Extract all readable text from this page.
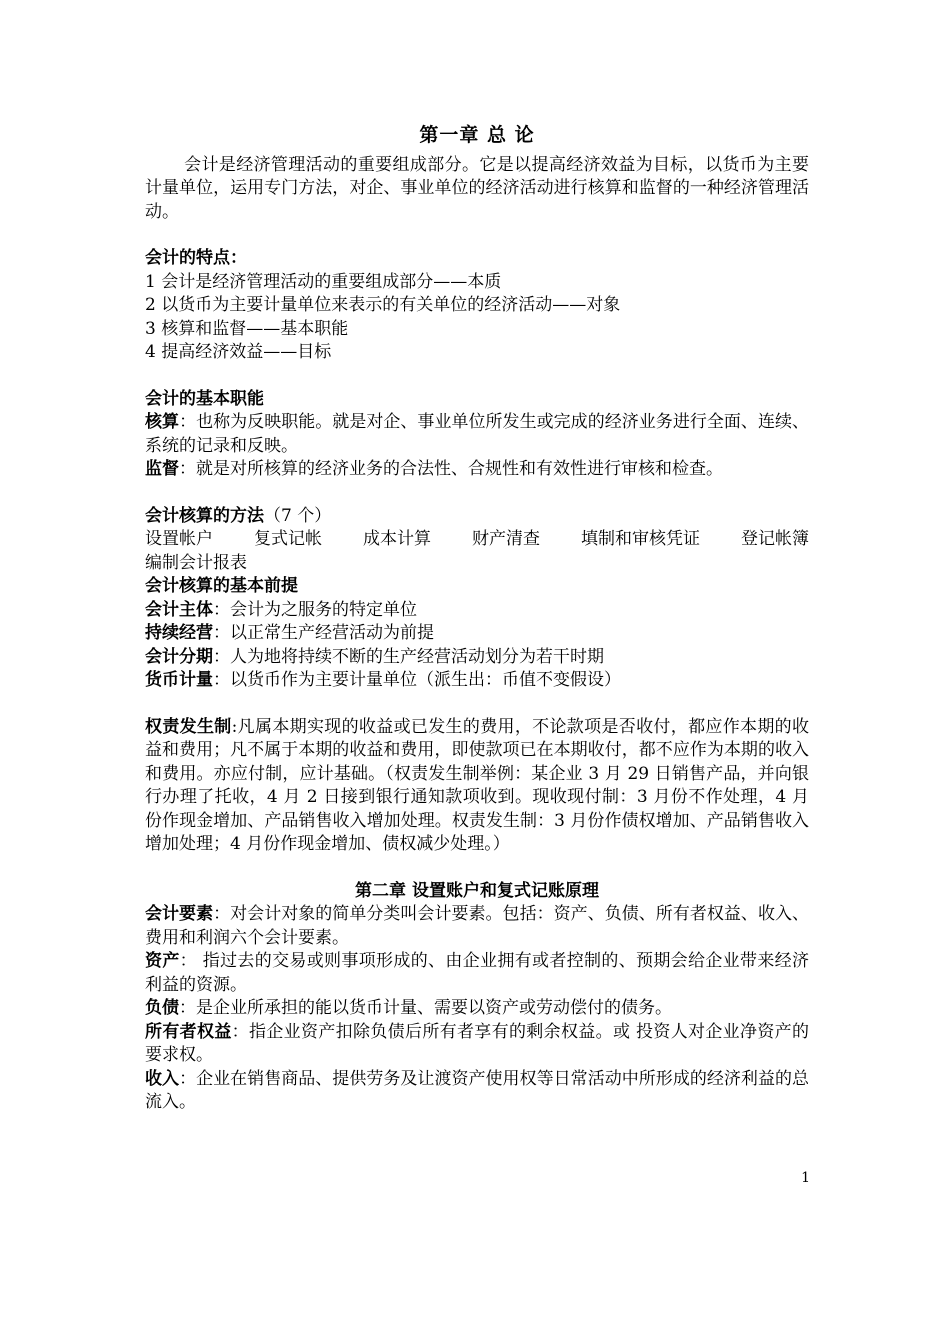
第一章 总 论

会计是经济管理活动的重要组成部分。它是以提高经济效益为目标，以货币为主要计量单位，运用专门方法，对企、事业单位的经济活动进行核算和监督的一种经济管理活动。

会计的特点：

1 会计是经济管理活动的重要组成部分——本质

2 以货币为主要计量单位来表示的有关单位的经济活动——对象

3 核算和监督——基本职能

4 提高经济效益——目标

会计的基本职能

核算：也称为反映职能。就是对企、事业单位所发生或完成的经济业务进行全面、连续、系统的记录和反映。

监督：就是对所核算的经济业务的合法性、合规性和有效性进行审核和检查。

会计核算的方法（7 个）

设置帐户 复式记帐 成本计算 财产清查 填制和审核凭证 登记帐簿

编制会计报表

会计核算的基本前提

会计主体：会计为之服务的特定单位

持续经营：以正常生产经营活动为前提

会计分期：人为地将持续不断的生产经营活动划分为若干时期

货币计量：以货币作为主要计量单位（派生出：币值不变假设）

权责发生制:凡属本期实现的收益或已发生的费用，不论款项是否收付，都应作本期的收益和费用；凡不属于本期的收益和费用，即使款项已在本期收付，都不应作为本期的收入和费用。亦应付制，应计基础。（权责发生制举例：某企业 3 月 29 日销售产品，并向银行办理了托收，4 月 2 日接到银行通知款项收到。现收现付制：3 月份不作处理，4 月份作现金增加、产品销售收入增加处理。权责发生制：3 月份作债权增加、产品销售收入增加处理；4 月份作现金增加、债权减少处理。）

第二章 设置账户和复式记账原理

会计要素：对会计对象的简单分类叫会计要素。包括：资产、负债、所有者权益、收入、费用和利润六个会计要素。

资产： 指过去的交易或则事项形成的、由企业拥有或者控制的、预期会给企业带来经济利益的资源。

负债：是企业所承担的能以货币计量、需要以资产或劳动偿付的债务。

所有者权益：指企业资产扣除负债后所有者享有的剩余权益。或 投资人对企业净资产的要求权。

收入：企业在销售商品、提供劳务及让渡资产使用权等日常活动中所形成的经济利益的总流入。

1
